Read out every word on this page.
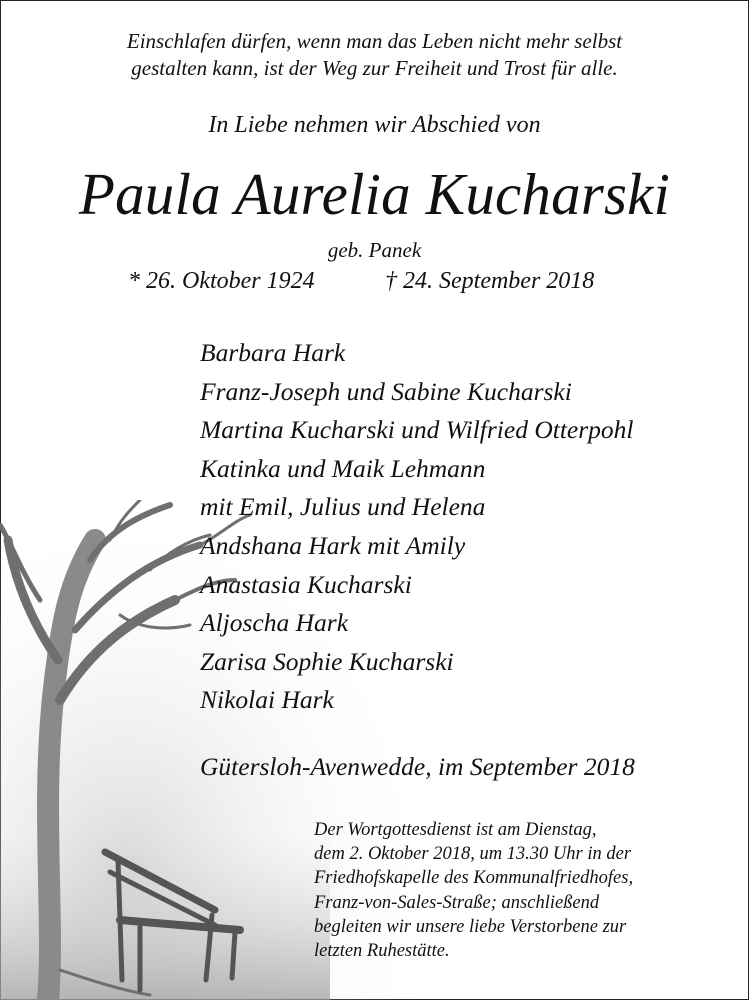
Einschlafen dürfen, wenn man das Leben nicht mehr selbst
gestalten kann, ist der Weg zur Freiheit und Trost für alle.
In Liebe nehmen wir Abschied von
Paula Aurelia Kucharski
geb. Panek
* 26. Oktober 1924	† 24. September 2018
Barbara Hark
Franz-Joseph und Sabine Kucharski
Martina Kucharski und Wilfried Otterpohl
Katinka und Maik Lehmann
mit Emil, Julius und Helena
Andshana Hark mit Amily
Anastasia Kucharski
Aljoscha Hark
Zarisa Sophie Kucharski
Nikolai Hark
Gütersloh-Avenwedde, im September 2018
Der Wortgottesdienst ist am Dienstag,
dem 2. Oktober 2018, um 13.30 Uhr in der
Friedhofskapelle des Kommunalfriedhofes,
Franz-von-Sales-Straße; anschließend
begleiten wir unsere liebe Verstorbene zur
letzten Ruhestätte.
